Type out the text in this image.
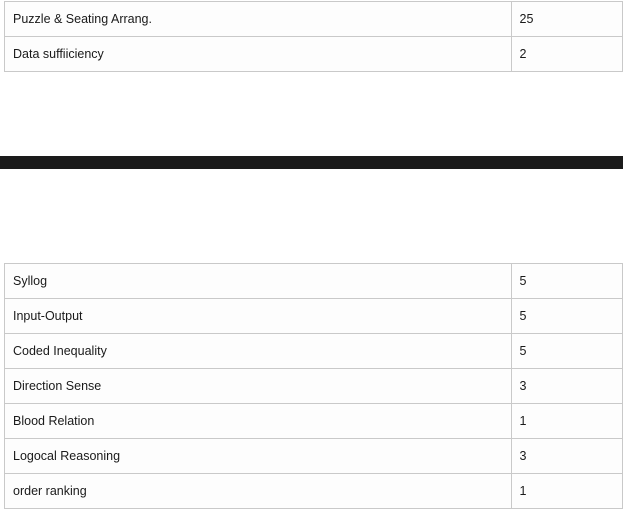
Puzzle & Seating Arrang.	25
Data suffiiciency	2
Syllog	5
Input-Output	5
Coded Inequality	5
Direction Sense	3
Blood Relation	1
Logocal Reasoning	3
order ranking	1
